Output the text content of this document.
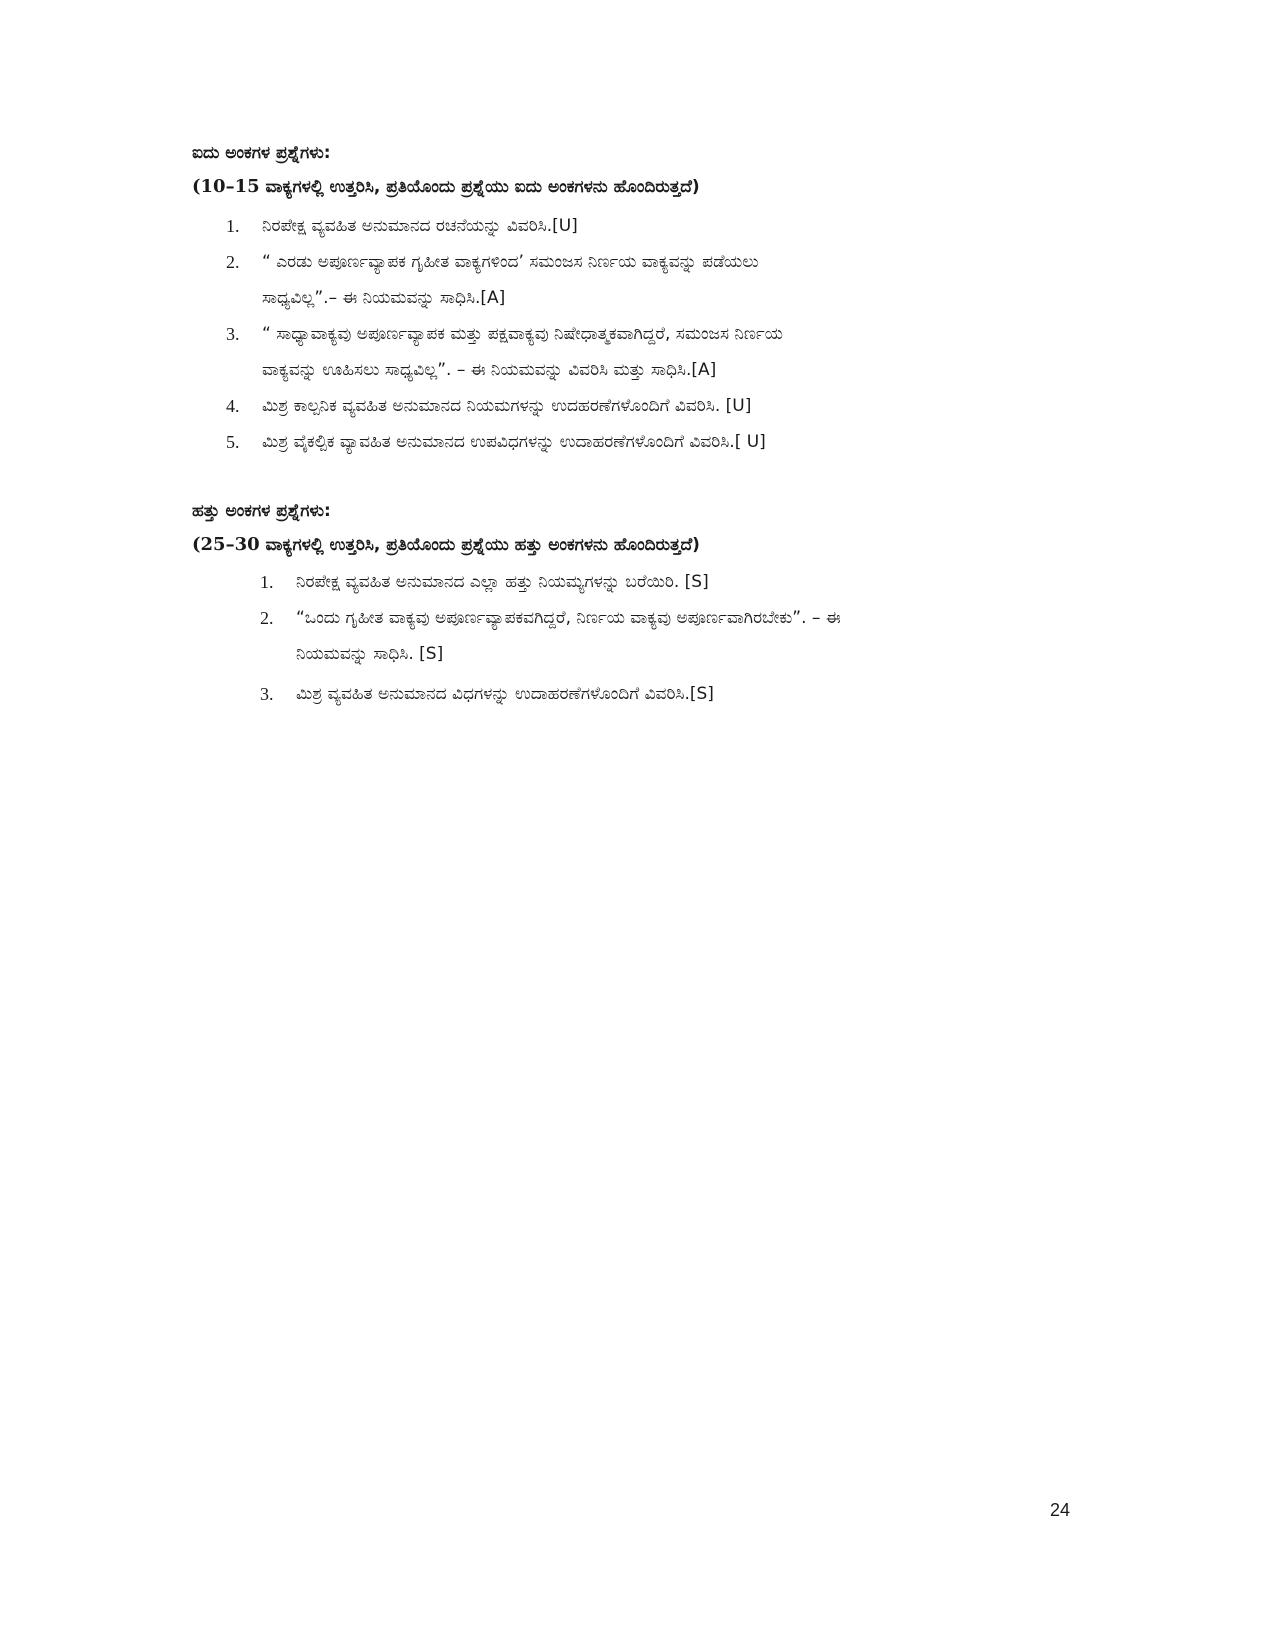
ಐದು ಅಂಕಗಳ ಪ್ರಶ್ನೆಗಳು:

(10–15 ವಾಕ್ಯಗಳಲ್ಲಿ ಉತ್ತರಿಸಿ, ಪ್ರತಿಯೊಂದು ಪ್ರಶ್ನೆಯು ಐದು ಅಂಕಗಳನು ಹೊಂದಿರುತ್ತದೆ)

1.	ನಿರಪೇಕ್ಷ ವ್ಯವಹಿತ ಅನುಮಾನದ ರಚನೆಯನ್ನು ವಿವರಿಸಿ.[U]
2.	“ ಎರಡು ಅಪೂರ್ಣವ್ಯಾಪಕ ಗೃಹೀತ ವಾಕ್ಯಗಳಿಂದ’ ಸಮಂಜಸ ನಿರ್ಣಯ ವಾಕ್ಯವನ್ನು ಪಡೆಯಲು
ಸಾಧ್ಯವಿಲ್ಲ”.– ಈ ನಿಯಮವನ್ನು ಸಾಧಿಸಿ.[A]
3.	“ ಸಾಧ್ಯಾವಾಕ್ಯವು ಅಪೂರ್ಣವ್ಯಾಪಕ ಮತ್ತು ಪಕ್ಷವಾಕ್ಯವು ನಿಷೇಧಾತ್ಮಕವಾಗಿದ್ದರೆ, ಸಮಂಜಸ ನಿರ್ಣಯ
ವಾಕ್ಯವನ್ನು ಊಹಿಸಲು ಸಾಧ್ಯವಿಲ್ಲ”. – ಈ ನಿಯಮವನ್ನು ವಿವರಿಸಿ ಮತ್ತು ಸಾಧಿಸಿ.[A]
4.	ಮಿಶ್ರ ಕಾಲ್ಪನಿಕ ವ್ಯವಹಿತ ಅನುಮಾನದ ನಿಯಮಗಳನ್ನು ಉದಹರಣೆಗಳೊಂದಿಗೆ ವಿವರಿಸಿ. [U]
5.	ಮಿಶ್ರ ವೈಕಲ್ಪಿಕ ವ್ಯಾವಹಿತ ಅನುಮಾನದ ಉಪವಿಧಗಳನ್ನು ಉದಾಹರಣೆಗಳೊಂದಿಗೆ ವಿವರಿಸಿ.[ U]

ಹತ್ತು ಅಂಕಗಳ ಪ್ರಶ್ನೆಗಳು:

(25–30 ವಾಕ್ಯಗಳಲ್ಲಿ ಉತ್ತರಿಸಿ, ಪ್ರತಿಯೊಂದು ಪ್ರಶ್ನೆಯು ಹತ್ತು ಅಂಕಗಳನು ಹೊಂದಿರುತ್ತದೆ)

1.	ನಿರಪೇಕ್ಷ ವ್ಯವಹಿತ ಅನುಮಾನದ ಎಲ್ಲಾ ಹತ್ತು ನಿಯಮ್ಯಗಳನ್ನು ಬರೆಯಿರಿ. [S]
2.	“ಒಂದು ಗೃಹೀತ ವಾಕ್ಯವು ಅಪೂರ್ಣವ್ಯಾಪಕವಗಿದ್ದರೆ, ನಿರ್ಣಯ ವಾಕ್ಯವು ಅಪೂರ್ಣವಾಗಿರಬೇಕು”. – ಈ
ನಿಯಮವನ್ನು ಸಾಧಿಸಿ. [S]
3.	ಮಿಶ್ರ ವ್ಯವಹಿತ ಅನುಮಾನದ ವಿಧಗಳನ್ನು ಉದಾಹರಣೆಗಳೊಂದಿಗೆ ವಿವರಿಸಿ.[S]
24
